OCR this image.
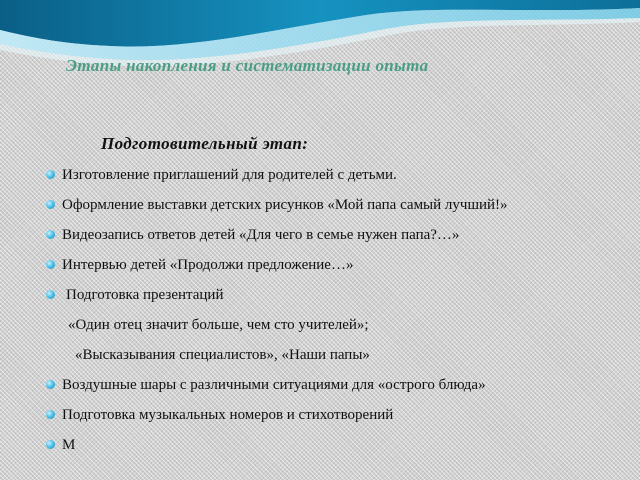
Этапы накопления и систематизации опыта
Подготовительный этап:
Изготовление приглашений для родителей с детьми.
Оформление выставки детских рисунков «Мой папа самый лучший!»
Видеозапись ответов детей «Для чего в семье нужен папа?…»
Интервью детей «Продолжи предложение…»
Подготовка презентаций
«Один отец значит больше, чем сто учителей»;
«Высказывания специалистов», «Наши папы»
Воздушные шары с различными ситуациями для «острого блюда»
Подготовка музыкальных номеров и стихотворений
М
